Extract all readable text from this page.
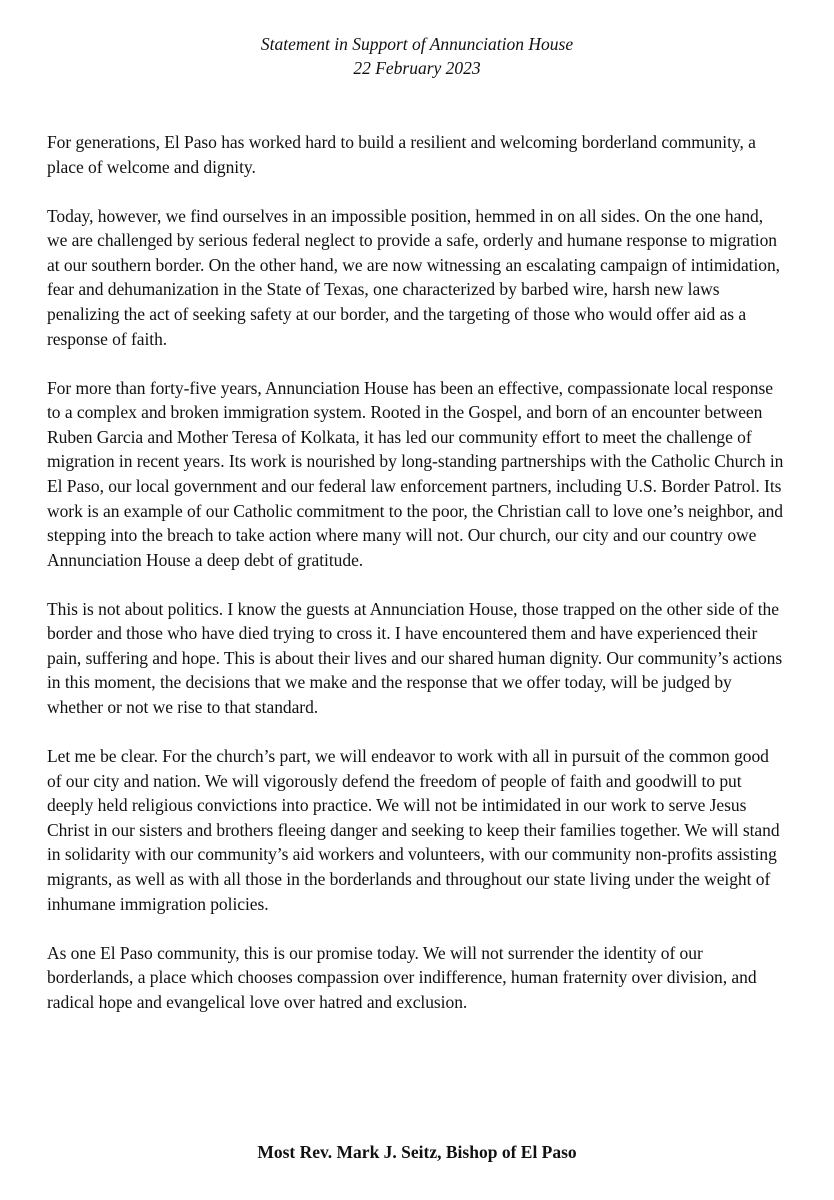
Statement in Support of Annunciation House
22 February 2023

For generations, El Paso has worked hard to build a resilient and welcoming borderland community, a place of welcome and dignity.

Today, however, we find ourselves in an impossible position, hemmed in on all sides. On the one hand, we are challenged by serious federal neglect to provide a safe, orderly and humane response to migration at our southern border. On the other hand, we are now witnessing an escalating campaign of intimidation, fear and dehumanization in the State of Texas, one characterized by barbed wire, harsh new laws penalizing the act of seeking safety at our border, and the targeting of those who would offer aid as a response of faith.

For more than forty-five years, Annunciation House has been an effective, compassionate local response to a complex and broken immigration system. Rooted in the Gospel, and born of an encounter between Ruben Garcia and Mother Teresa of Kolkata, it has led our community effort to meet the challenge of migration in recent years. Its work is nourished by long-standing partnerships with the Catholic Church in El Paso, our local government and our federal law enforcement partners, including U.S. Border Patrol. Its work is an example of our Catholic commitment to the poor, the Christian call to love one’s neighbor, and stepping into the breach to take action where many will not. Our church, our city and our country owe Annunciation House a deep debt of gratitude.

This is not about politics. I know the guests at Annunciation House, those trapped on the other side of the border and those who have died trying to cross it. I have encountered them and have experienced their pain, suffering and hope. This is about their lives and our shared human dignity. Our community’s actions in this moment, the decisions that we make and the response that we offer today, will be judged by whether or not we rise to that standard.

Let me be clear. For the church’s part, we will endeavor to work with all in pursuit of the common good of our city and nation. We will vigorously defend the freedom of people of faith and goodwill to put deeply held religious convictions into practice. We will not be intimidated in our work to serve Jesus Christ in our sisters and brothers fleeing danger and seeking to keep their families together. We will stand in solidarity with our community’s aid workers and volunteers, with our community non-profits assisting migrants, as well as with all those in the borderlands and throughout our state living under the weight of inhumane immigration policies.

As one El Paso community, this is our promise today. We will not surrender the identity of our borderlands, a place which chooses compassion over indifference, human fraternity over division, and radical hope and evangelical love over hatred and exclusion.

Most Rev. Mark J. Seitz, Bishop of El Paso
